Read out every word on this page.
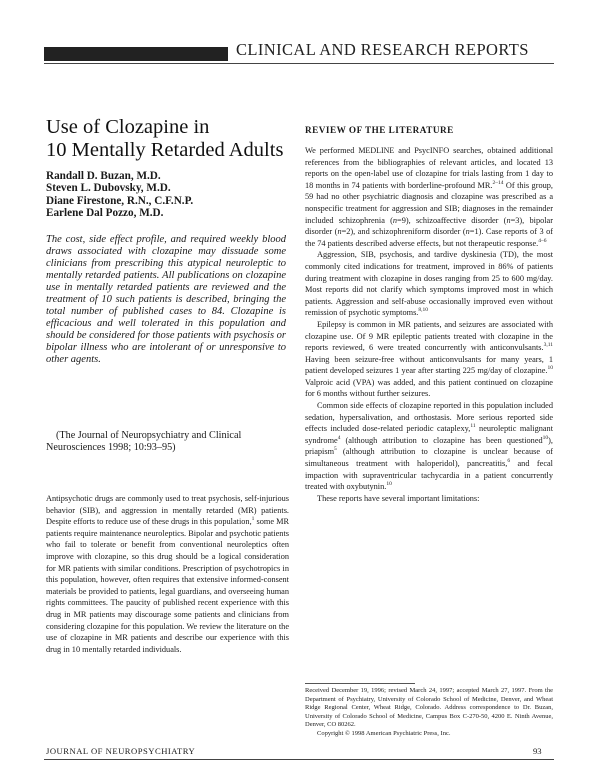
CLINICAL AND RESEARCH REPORTS
Use of Clozapine in
10 Mentally Retarded Adults
Randall D. Buzan, M.D.
Steven L. Dubovsky, M.D.
Diane Firestone, R.N., C.F.N.P.
Earlene Dal Pozzo, M.D.
The cost, side effect profile, and required weekly blood draws associated with clozapine may dissuade some clinicians from prescribing this atypical neuroleptic to mentally retarded patients. All publications on clozapine use in mentally retarded patients are reviewed and the treatment of 10 such patients is described, bringing the total number of published cases to 84. Clozapine is efficacious and well tolerated in this population and should be considered for those patients with psychosis or bipolar illness who are intolerant of or unresponsive to other agents.
(The Journal of Neuropsychiatry and Clinical
Neurosciences 1998; 10:93–95)
Antipsychotic drugs are commonly used to treat psychosis, self-injurious behavior (SIB), and aggression in mentally retarded (MR) patients. Despite efforts to reduce use of these drugs in this population,$^1$ some MR patients require maintenance neuroleptics. Bipolar and psychotic patients who fail to tolerate or benefit from conventional neuroleptics often improve with clozapine, so this drug should be a logical consideration for MR patients with similar conditions. Prescription of psychotropics in this population, however, often requires that extensive informed-consent materials be provided to patients, legal guardians, and overseeing human rights committees. The paucity of published recent experience with this drug in MR patients may discourage some patients and clinicians from considering clozapine for this population. We review the literature on the use of clozapine in MR patients and describe our experience with this drug in 10 mentally retarded individuals.
REVIEW OF THE LITERATURE

We performed MEDLINE and PsycINFO searches, obtained additional references from the bibliographies of relevant articles, and located 13 reports on the open-label use of clozapine for trials lasting from 1 day to 18 months in 74 patients with borderline-profound MR.$^{2-14}$ Of this group, 59 had no other psychiatric diagnosis and clozapine was prescribed as a nonspecific treatment for aggression and SIB; diagnoses in the remainder included schizophrenia (n=9), schizoaffective disorder (n=3), bipolar disorder (n=2), and schizophreniform disorder (n=1). Case reports of 3 of the 74 patients described adverse effects, but not therapeutic response.$^{4-6}$

Aggression, SIB, psychosis, and tardive dyskinesia (TD), the most commonly cited indications for treatment, improved in 86% of patients during treatment with clozapine in doses ranging from 25 to 600 mg/day. Most reports did not clarify which symptoms improved most in which patients. Aggression and self-abuse occasionally improved even without remission of psychotic symptoms.$^{8,10}$

Epilepsy is common in MR patients, and seizures are associated with clozapine use. Of 9 MR epileptic patients treated with clozapine in the reports reviewed, 6 were treated concurrently with anticonvulsants.$^{3,11}$ Having been seizure-free without anticonvulsants for many years, 1 patient developed seizures 1 year after starting 225 mg/day of clozapine.$^{10}$ Valproic acid (VPA) was added, and this patient continued on clozapine for 6 months without further seizures.

Common side effects of clozapine reported in this population included sedation, hypersalivation, and orthostasis. More serious reported side effects included dose-related periodic cataplexy,$^{11}$ neuroleptic malignant syndrome$^4$ (although attribution to clozapine has been questioned$^{10}$), priapism$^5$ (although attribution to clozapine is unclear because of simultaneous treatment with haloperidol), pancreatitis,$^6$ and fecal impaction with supraventricular tachycardia in a patient concurrently treated with oxybutynin.$^{10}$

These reports have several important limitations:

Received December 19, 1996; revised March 24, 1997; accepted March 27, 1997. From the Department of Psychiatry, University of Colorado School of Medicine, Denver, and Wheat Ridge Regional Center, Wheat Ridge, Colorado. Address correspondence to Dr. Buzan, University of Colorado School of Medicine, Campus Box C-270-50, 4200 E. Ninth Avenue, Denver, CO 80262.
Copyright © 1998 American Psychiatric Press, Inc.
JOURNAL OF NEUROPSYCHIATRY	93
